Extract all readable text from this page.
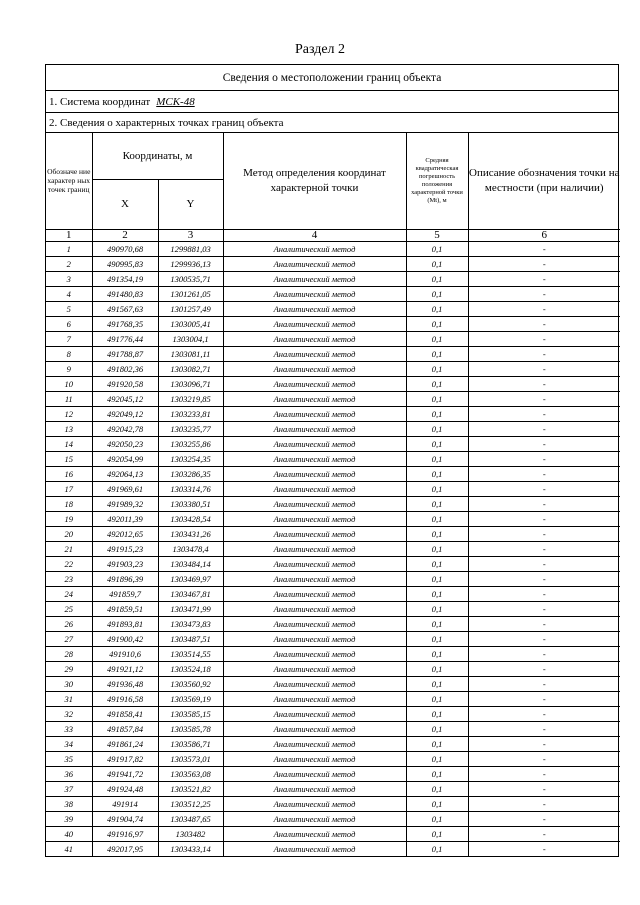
Раздел 2
Сведения о местоположении границ объекта
1. Система координат МСК-48
2. Сведения о характерных точках границ объекта
Обозначе ние характер ных точек границ	Координаты, м		Метод определения координат характерной точки	Средняя квадратическая погрешность положения характерной точки (Мt), м	Описание обозначения точки на местности (при наличии)
	X	Y			
1	2	3	4	5	6
1	490970,68	1299881,03	Аналитический метод	0,1	-
2	490995,83	1299936,13	Аналитический метод	0,1	-
3	491354,19	1300535,71	Аналитический метод	0,1	-
4	491480,83	1301261,05	Аналитический метод	0,1	-
5	491567,63	1301257,49	Аналитический метод	0,1	-
6	491768,35	1303005,41	Аналитический метод	0,1	-
7	491776,44	1303004,1	Аналитический метод	0,1	-
8	491788,87	1303081,11	Аналитический метод	0,1	-
9	491802,36	1303082,71	Аналитический метод	0,1	-
10	491920,58	1303096,71	Аналитический метод	0,1	-
11	492045,12	1303219,85	Аналитический метод	0,1	-
12	492049,12	1303233,81	Аналитический метод	0,1	-
13	492042,78	1303235,77	Аналитический метод	0,1	-
14	492050,23	1303255,86	Аналитический метод	0,1	-
15	492054,99	1303254,35	Аналитический метод	0,1	-
16	492064,13	1303286,35	Аналитический метод	0,1	-
17	491969,61	1303314,76	Аналитический метод	0,1	-
18	491989,32	1303380,51	Аналитический метод	0,1	-
19	492011,39	1303428,54	Аналитический метод	0,1	-
20	492012,65	1303431,26	Аналитический метод	0,1	-
21	491915,23	1303478,4	Аналитический метод	0,1	-
22	491903,23	1303484,14	Аналитический метод	0,1	-
23	491896,39	1303469,97	Аналитический метод	0,1	-
24	491859,7	1303467,81	Аналитический метод	0,1	-
25	491859,51	1303471,99	Аналитический метод	0,1	-
26	491893,81	1303473,83	Аналитический метод	0,1	-
27	491900,42	1303487,51	Аналитический метод	0,1	-
28	491910,6	1303514,55	Аналитический метод	0,1	-
29	491921,12	1303524,18	Аналитический метод	0,1	-
30	491936,48	1303560,92	Аналитический метод	0,1	-
31	491916,58	1303569,19	Аналитический метод	0,1	-
32	491858,41	1303585,15	Аналитический метод	0,1	-
33	491857,84	1303585,78	Аналитический метод	0,1	-
34	491861,24	1303586,71	Аналитический метод	0,1	-
35	491917,82	1303573,01	Аналитический метод	0,1	-
36	491941,72	1303563,08	Аналитический метод	0,1	-
37	491924,48	1303521,82	Аналитический метод	0,1	-
38	491914	1303512,25	Аналитический метод	0,1	-
39	491904,74	1303487,65	Аналитический метод	0,1	-
40	491916,97	1303482	Аналитический метод	0,1	-
41	492017,95	1303433,14	Аналитический метод	0,1	-
